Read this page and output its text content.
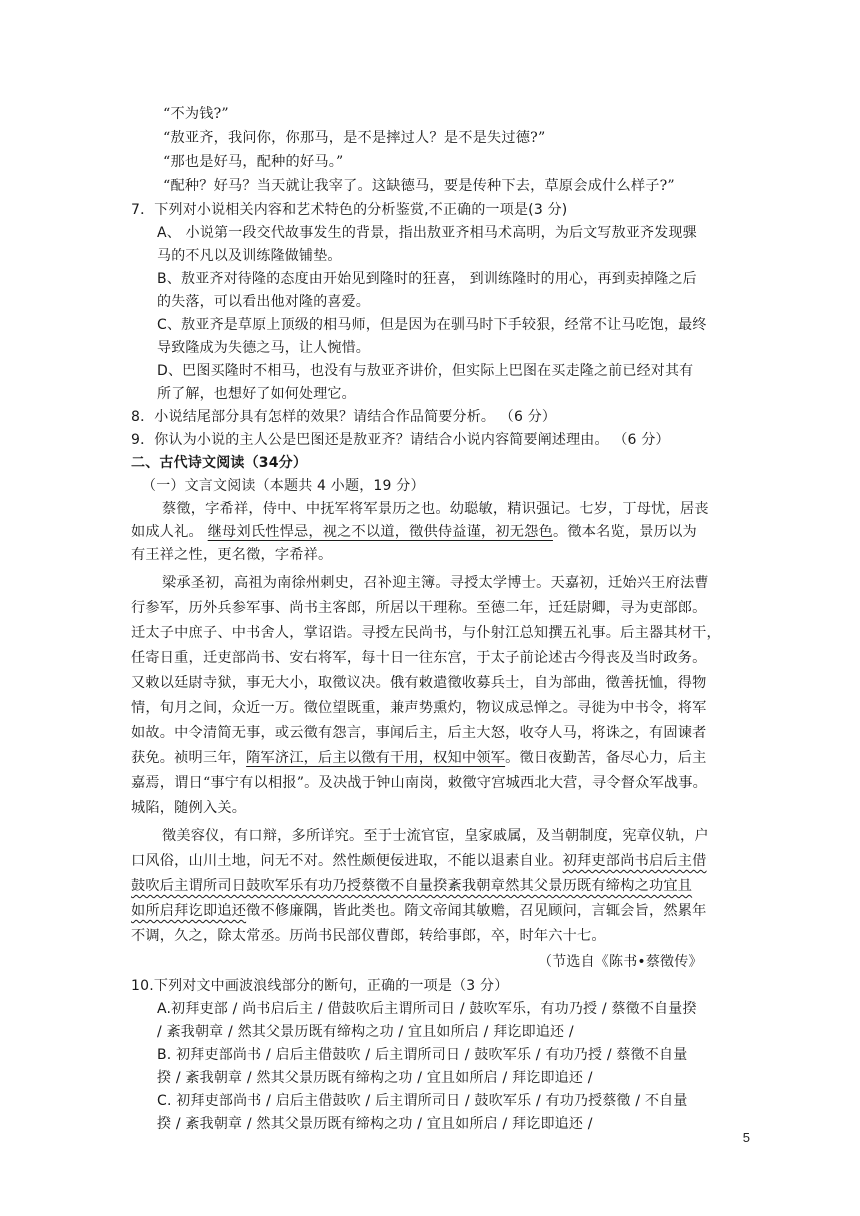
“不为钱?”
“敖亚齐，我问你，你那马，是不是摔过人？是不是失过德?”
“那也是好马，配种的好马。”
“配种？好马？当天就让我宰了。这缺德马，要是传种下去，草原会成什么样子?”
7．下列对小说相关内容和艺术特色的分析鉴赏,不正确的一项是(3 分)
A、 小说第一段交代故事发生的背景，指出敖亚齐相马术高明，为后文写敖亚齐发现骒
马的不凡以及训练隆做铺垫。
B、敖亚齐对待隆的态度由开始见到隆时的狂喜， 到训练隆时的用心，再到卖掉隆之后
的失落，可以看出他对隆的喜爱。
C、敖亚齐是草原上顶级的相马师，但是因为在驯马时下手较狠，经常不让马吃饱，最终
导致隆成为失德之马，让人惋惜。
D、巴图买隆时不相马，也没有与敖亚齐讲价，但实际上巴图在买走隆之前已经对其有
所了解，也想好了如何处理它。
8．小说结尾部分具有怎样的效果？请结合作品简要分析。 （6 分）
9．你认为小说的主人公是巴图还是敖亚齐？请结合小说内容简要阐述理由。 （6 分）
二、古代诗文阅读（34分）
（一）文言文阅读（本题共 4 小题，19 分）
蔡徵，字希祥，侍中、中抚军将军景历之也。幼聪敏，精识强记。七岁，丁母忧，居丧
如成人礼。 继母刘氏性悍忌，视之不以道，徵供侍益谨，初无怨色。徵本名览，景历以为
有王祥之性，更名徵，字希祥。
梁承圣初，高祖为南徐州刺史，召补迎主簿。寻授太学博士。天嘉初，迁始兴王府法曹
行参军，历外兵参军事、尚书主客郎，所居以干理称。至德二年，迁廷尉卿，寻为吏部郎。
迁太子中庶子、中书舍人，掌诏诰。寻授左民尚书，与仆射江总知撰五礼事。后主器其材干，
任寄日重，迁吏部尚书、安右将军，每十日一往东宫，于太子前论述古今得丧及当时政务。
又敕以廷尉寺狱，事无大小，取徵议决。俄有敕遣徵收募兵士，自为部曲，徵善抚恤，得物
情，旬月之间，众近一万。徵位望既重，兼声势熏灼，物议成忌惮之。寻徙为中书令，将军
如故。中令清简无事，或云徵有怨言，事闻后主，后主大怒，收夺人马，将诛之，有固谏者
获免。祯明三年，隋军济江，后主以徵有干用，权知中领军。徵日夜勤苦，备尽心力，后主
嘉焉，谓日“事宁有以相报”。及决战于钟山南岗，敕徵守宫城西北大营，寻令督众军战事。
城陷，随例入关。
徵美容仪，有口辩，多所详究。至于士流官宦，皇家戚属，及当朝制度，宪章仪轨，户
口风俗，山川土地，问无不对。然性颇便佞进取，不能以退素自业。初拜吏部尚书启后主借
鼓吹后主谓所司日鼓吹军乐有功乃授蔡徵不自量揆紊我朝章然其父景历既有缔构之功宜且
如所启拜讫即追还徵不修廉隅，皆此类也。隋文帝闻其敏赡，召见顾问，言辄会旨，然累年
不调，久之，除太常丞。历尚书民部仪曹郎，转给事郎，卒，时年六十七。
（节选自《陈书•蔡徵传》
10.下列对文中画波浪线部分的断句，正确的一项是（3 分）
A.初拜吏部 / 尚书启后主 / 借鼓吹后主谓所司日 / 鼓吹军乐，有功乃授 / 蔡徵不自量揆
/ 紊我朝章 / 然其父景历既有缔构之功 / 宜且如所启 / 拜讫即追还 /
B. 初拜吏部尚书 / 启后主借鼓吹 / 后主谓所司日 / 鼓吹军乐 / 有功乃授 / 蔡徵不自量
揆 / 紊我朝章 / 然其父景历既有缔构之功 / 宜且如所启 / 拜讫即追还 /
C. 初拜吏部尚书 / 启后主借鼓吹 / 后主谓所司日 / 鼓吹军乐 / 有功乃授蔡徵 / 不自量
揆 / 紊我朝章 / 然其父景历既有缔构之功 / 宜且如所启 / 拜讫即追还 /
5
